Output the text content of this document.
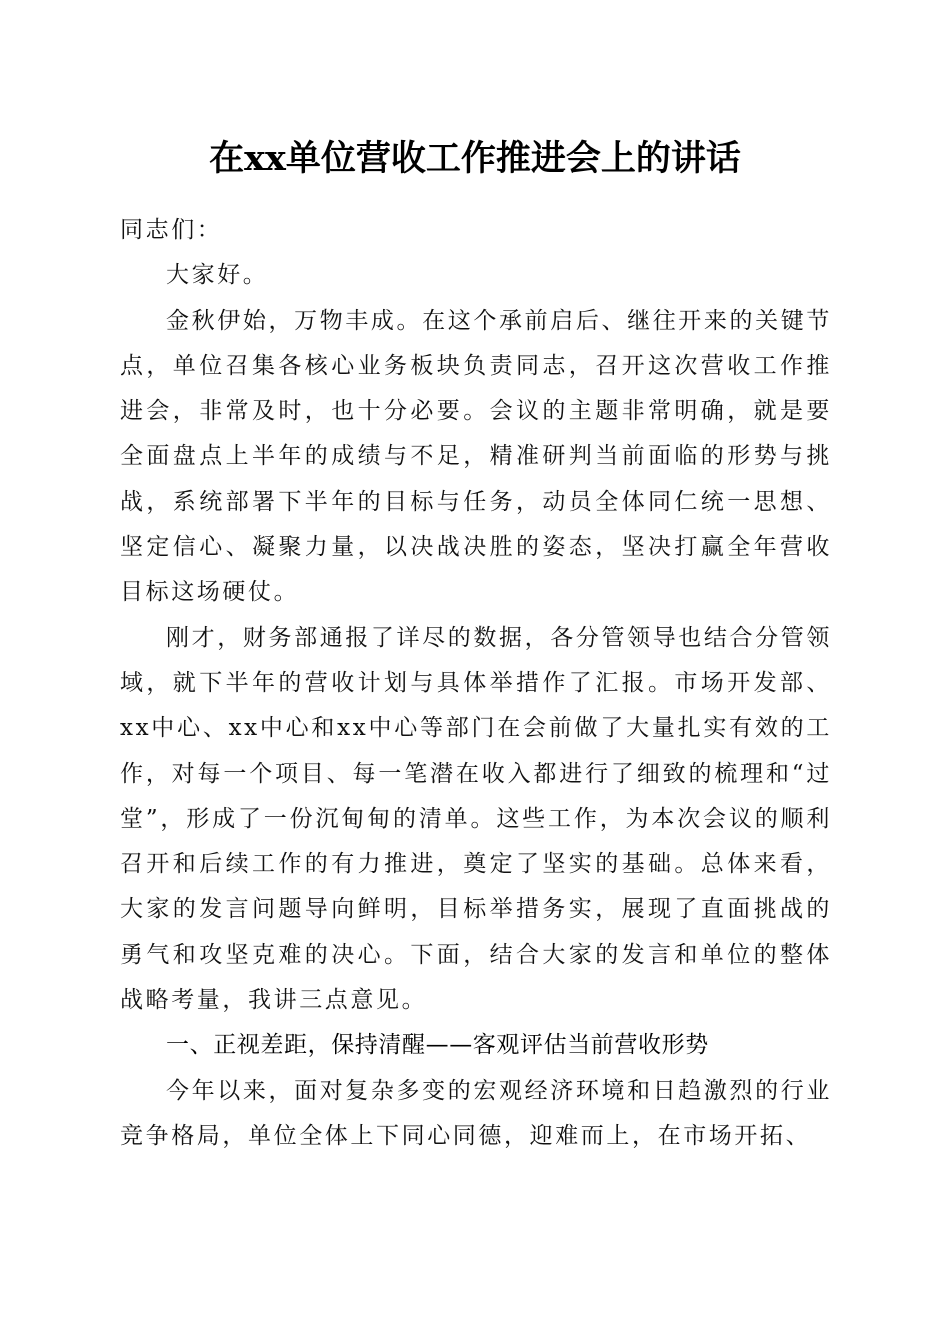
在xx单位营收工作推进会上的讲话

同志们：

大家好。

金秋伊始，万物丰成。在这个承前启后、继往开来的关键节点，单位召集各核心业务板块负责同志，召开这次营收工作推进会，非常及时，也十分必要。会议的主题非常明确，就是要全面盘点上半年的成绩与不足，精准研判当前面临的形势与挑战，系统部署下半年的目标与任务，动员全体同仁统一思想、坚定信心、凝聚力量，以决战决胜的姿态，坚决打赢全年营收目标这场硬仗。

刚才，财务部通报了详尽的数据，各分管领导也结合分管领域，就下半年的营收计划与具体举措作了汇报。市场开发部、xx中心、xx中心和xx中心等部门在会前做了大量扎实有效的工作，对每一个项目、每一笔潜在收入都进行了细致的梳理和“过堂”，形成了一份沉甸甸的清单。这些工作，为本次会议的顺利召开和后续工作的有力推进，奠定了坚实的基础。总体来看，大家的发言问题导向鲜明，目标举措务实，展现了直面挑战的勇气和攻坚克难的决心。下面，结合大家的发言和单位的整体战略考量，我讲三点意见。

一、正视差距，保持清醒——客观评估当前营收形势

今年以来，面对复杂多变的宏观经济环境和日趋激烈的行业竞争格局，单位全体上下同心同德，迎难而上，在市场开拓、
